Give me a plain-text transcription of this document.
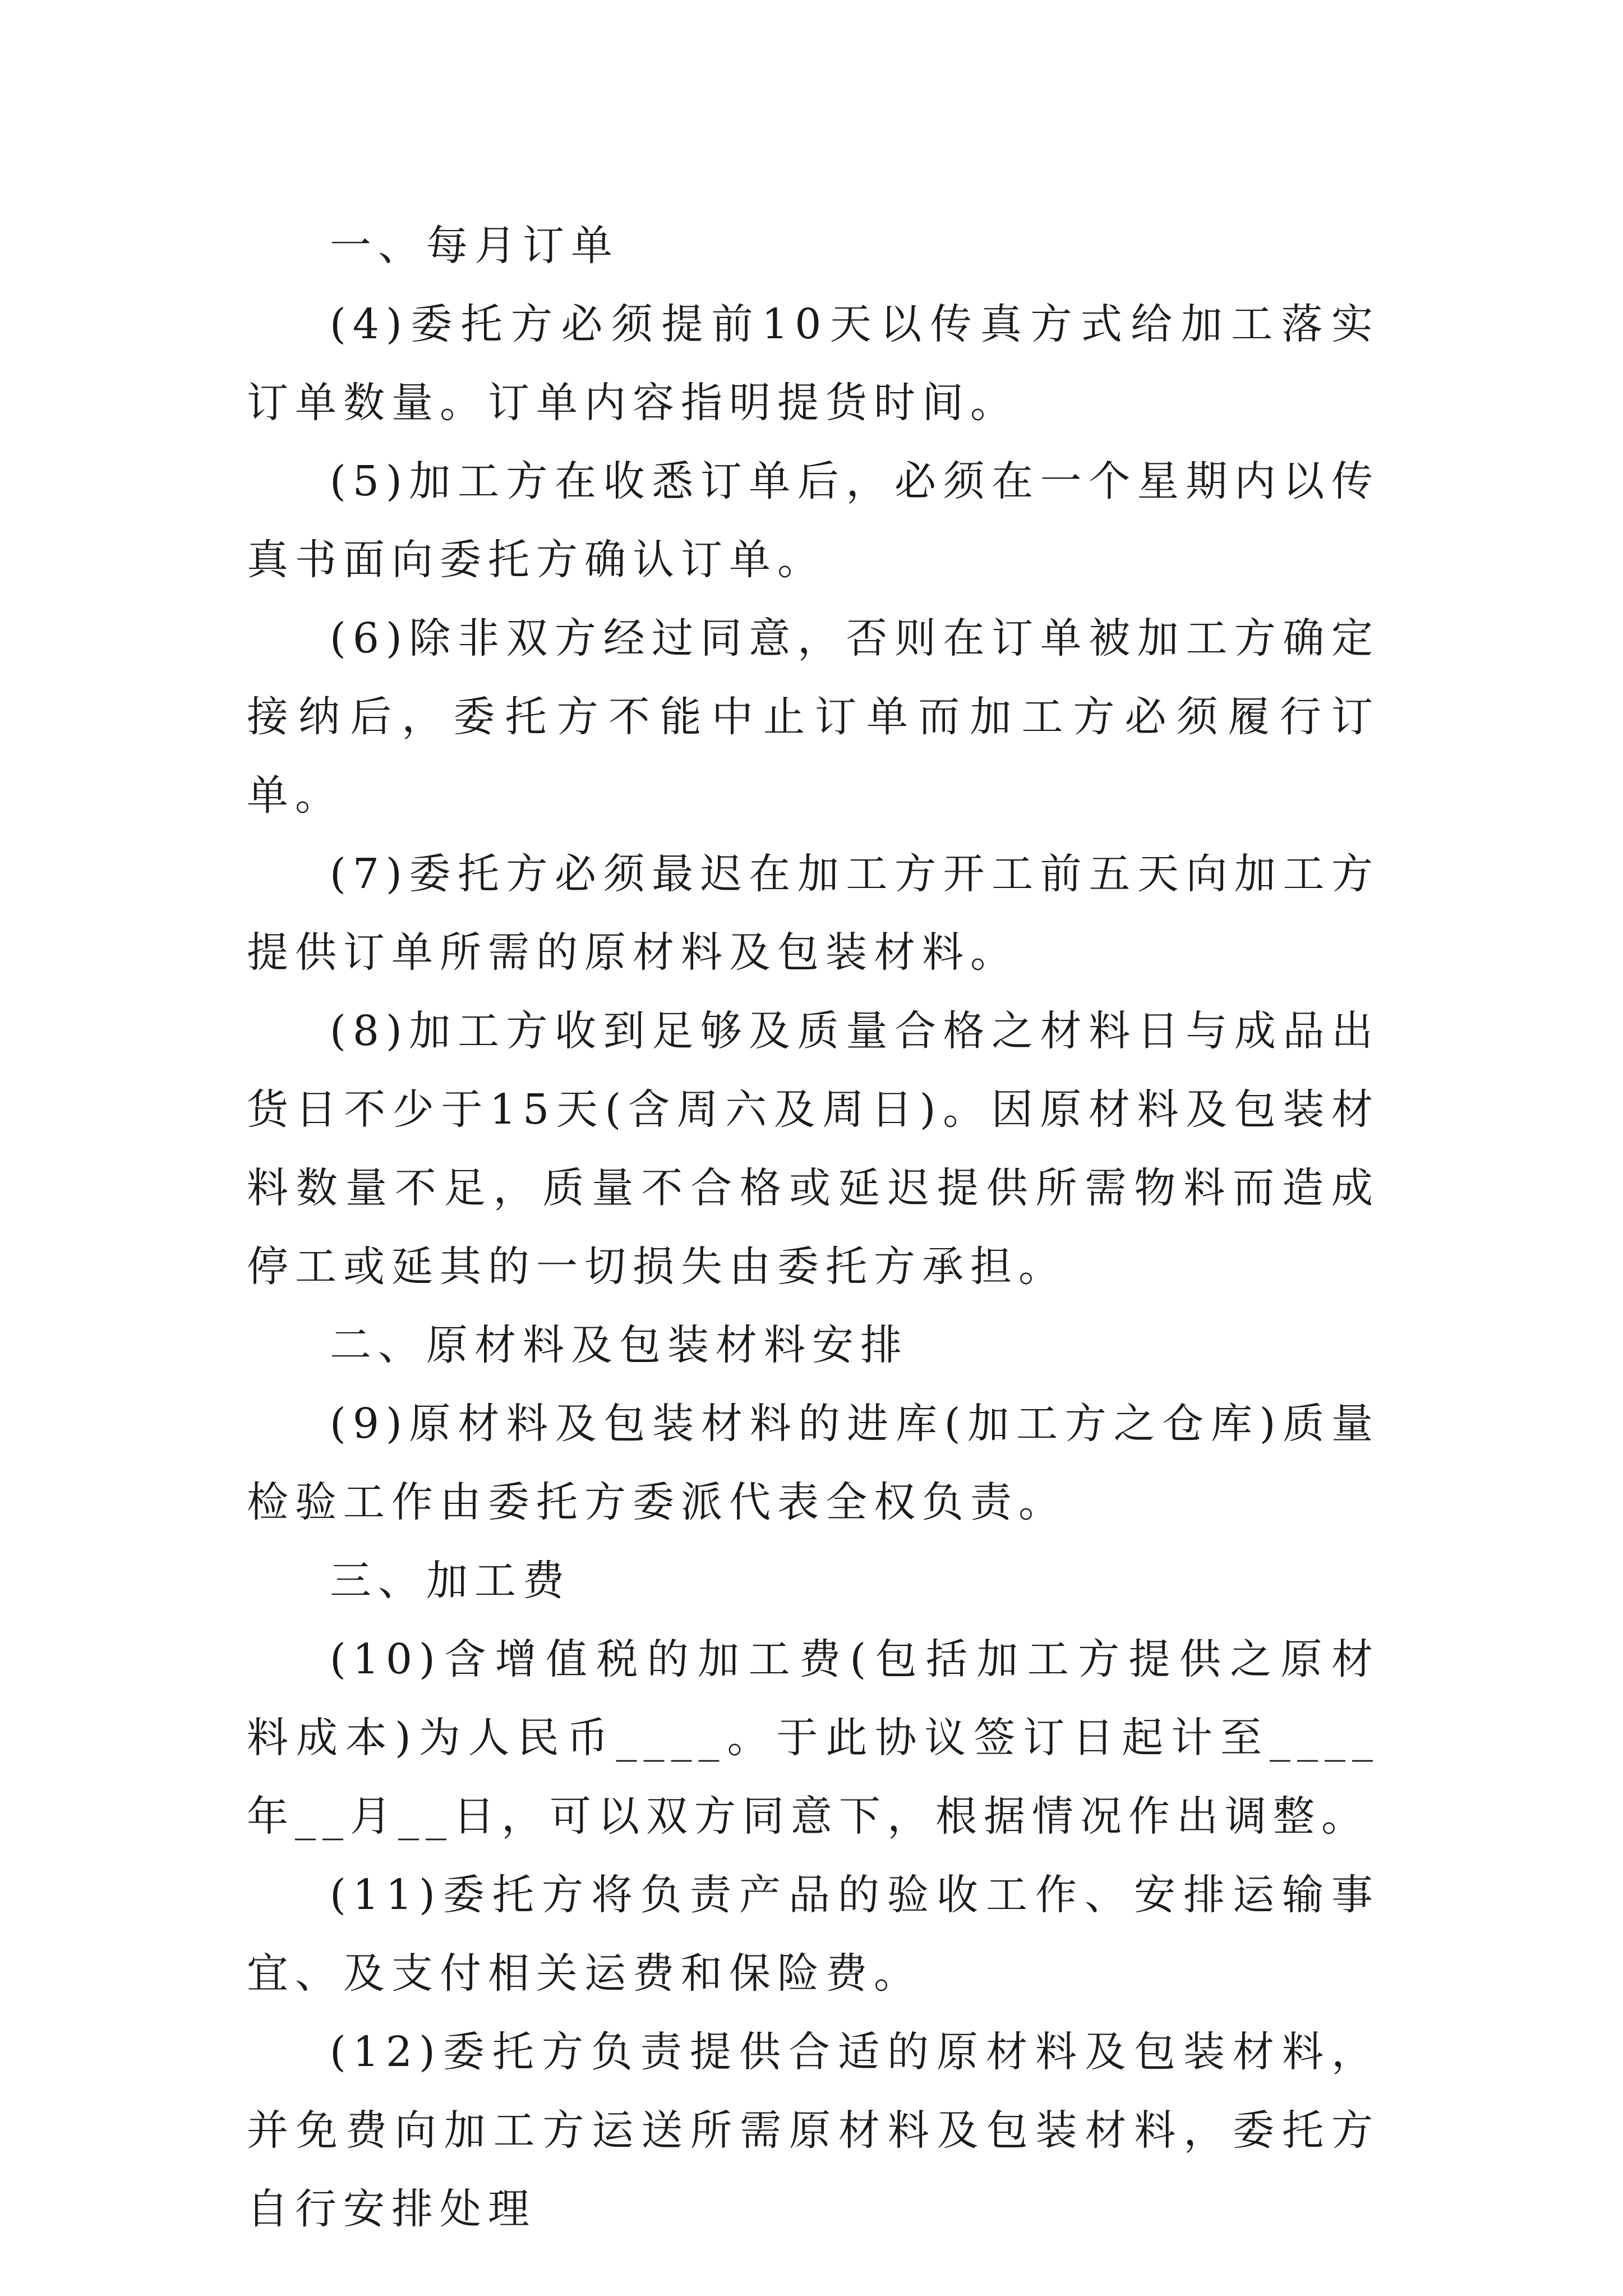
一、每月订单

(4)委托方必须提前10天以传真方式给加工落实订单数量。订单内容指明提货时间。

(5)加工方在收悉订单后，必须在一个星期内以传真书面向委托方确认订单。

(6)除非双方经过同意，否则在订单被加工方确定接纳后，委托方不能中止订单而加工方必须履行订单。

(7)委托方必须最迟在加工方开工前五天向加工方提供订单所需的原材料及包装材料。

(8)加工方收到足够及质量合格之材料日与成品出货日不少于15天(含周六及周日)。因原材料及包装材料数量不足，质量不合格或延迟提供所需物料而造成停工或延其的一切损失由委托方承担。

二、原材料及包装材料安排

(9)原材料及包装材料的进库(加工方之仓库)质量检验工作由委托方委派代表全权负责。

三、加工费

(10)含增值税的加工费(包括加工方提供之原材料成本)为人民币____。于此协议签订日起计至____年__月__日，可以双方同意下，根据情况作出调整。

(11)委托方将负责产品的验收工作、安排运输事宜、及支付相关运费和保险费。

(12)委托方负责提供合适的原材料及包装材料，并免费向加工方运送所需原材料及包装材料，委托方自行安排处理
